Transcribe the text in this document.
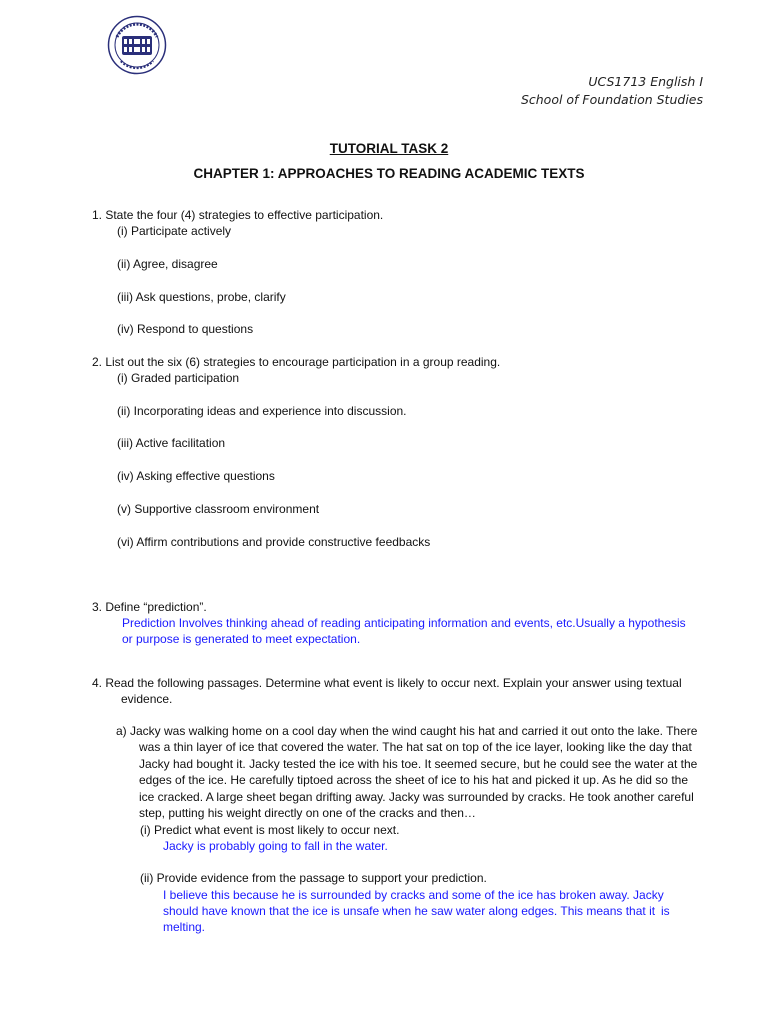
UCS1713 English I
School of Foundation Studies
TUTORIAL TASK 2
CHAPTER 1: APPROACHES TO READING ACADEMIC TEXTS
1. State the four (4) strategies to effective participation.
(i) Participate actively
(ii) Agree, disagree
(iii) Ask questions, probe, clarify
(iv) Respond to questions
2. List out the six (6) strategies to encourage participation in a group reading.
(i) Graded participation
(ii) Incorporating ideas and experience into discussion.
(iii) Active facilitation
(iv) Asking effective questions
(v) Supportive classroom environment
(vi) Affirm contributions and provide constructive feedbacks
3. Define “prediction”.
Prediction Involves thinking ahead of reading anticipating information and events, etc.Usually a hypothesis
or purpose is generated to meet expectation.
4. Read the following passages. Determine what event is likely to occur next. Explain your answer using textual
evidence.
a) Jacky was walking home on a cool day when the wind caught his hat and carried it out onto the lake. There
was a thin layer of ice that covered the water. The hat sat on top of the ice layer, looking like the day that
Jacky had bought it. Jacky tested the ice with his toe. It seemed secure, but he could see the water at the
edges of the ice. He carefully tiptoed across the sheet of ice to his hat and picked it up. As he did so the
ice cracked. A large sheet began drifting away. Jacky was surrounded by cracks. He took another careful
step, putting his weight directly on one of the cracks and then…
(i) Predict what event is most likely to occur next.
Jacky is probably going to fall in the water.
(ii) Provide evidence from the passage to support your prediction.
I believe this because he is surrounded by cracks and some of the ice has broken away. Jacky
should have known that the ice is unsafe when he saw water along edges. This means that it is
melting.
